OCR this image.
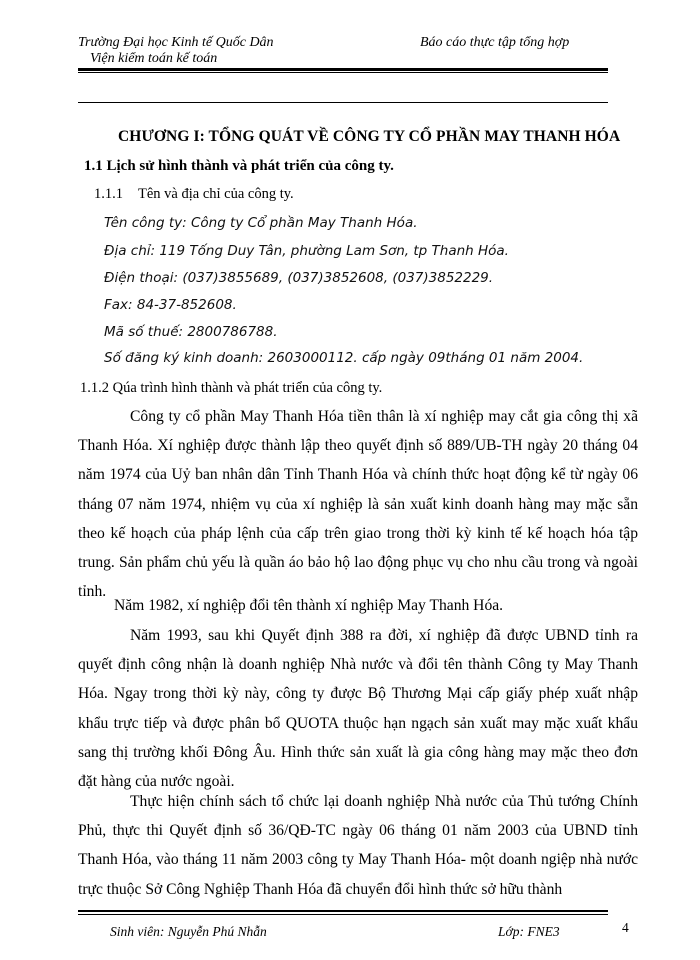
Trường Đại học Kinh tế Quốc Dân
Viện kiểm toán kế toán
Báo cáo thực tập tổng hợp
CHƯƠNG I: TỔNG QUÁT VỀ CÔNG TY CỔ PHẦN MAY THANH HÓA
1.1 Lịch sử hình thành và phát triển của công ty.
1.1.1 Tên và địa chỉ của công ty.
Tên công ty: Công ty Cổ phần May Thanh Hóa.
Địa chỉ: 119 Tống Duy Tân, phường Lam Sơn, tp Thanh Hóa.
Điện thoại: (037)3855689, (037)3852608, (037)3852229.
Fax: 84-37-852608.
Mã số thuế: 2800786788.
Số đăng ký kinh doanh: 2603000112. cấp ngày 09tháng 01 năm 2004.
1.1.2 Qúa trình hình thành và phát triển của công ty.

Công ty cổ phần May Thanh Hóa tiền thân là xí nghiệp may cắt gia công thị xã Thanh Hóa. Xí nghiệp được thành lập theo quyết định số 889/UB-TH ngày 20 tháng 04 năm 1974 của Uỷ ban nhân dân Tỉnh Thanh Hóa và chính thức hoạt động kể từ ngày 06 tháng 07 năm 1974, nhiệm vụ của xí nghiệp là sản xuất kinh doanh hàng may mặc sẵn theo kế hoạch của pháp lệnh của cấp trên giao trong thời kỳ kinh tế kế hoạch hóa tập trung. Sản phẩm chủ yếu là quần áo bảo hộ lao động phục vụ cho nhu cầu trong và ngoài tỉnh.

Năm 1982, xí nghiệp đổi tên thành xí nghiệp May Thanh Hóa.

Năm 1993, sau khi Quyết định 388 ra đời, xí nghiệp đã được UBND tỉnh ra quyết định công nhận là doanh nghiệp Nhà nước và đổi tên thành Công ty May Thanh Hóa. Ngay trong thời kỳ này, công ty được Bộ Thương Mại cấp giấy phép xuất nhập khẩu trực tiếp và được phân bổ QUOTA thuộc hạn ngạch sản xuất may mặc xuất khẩu sang thị trường khối Đông Âu. Hình thức sản xuất là gia công hàng may mặc theo đơn đặt hàng của nước ngoài.

Thực hiện chính sách tổ chức lại doanh nghiệp Nhà nước của Thủ tướng Chính Phủ, thực thi Quyết định số 36/QĐ-TC ngày 06 tháng 01 năm 2003 của UBND tỉnh Thanh Hóa, vào tháng 11 năm 2003 công ty May Thanh Hóa- một doanh ngiệp nhà nước trực thuộc Sở Công Nghiệp Thanh Hóa đã chuyển đổi hình thức sở hữu thành

Sinh viên: Nguyễn Phú Nhẫn	Lớp: FNE3	4
